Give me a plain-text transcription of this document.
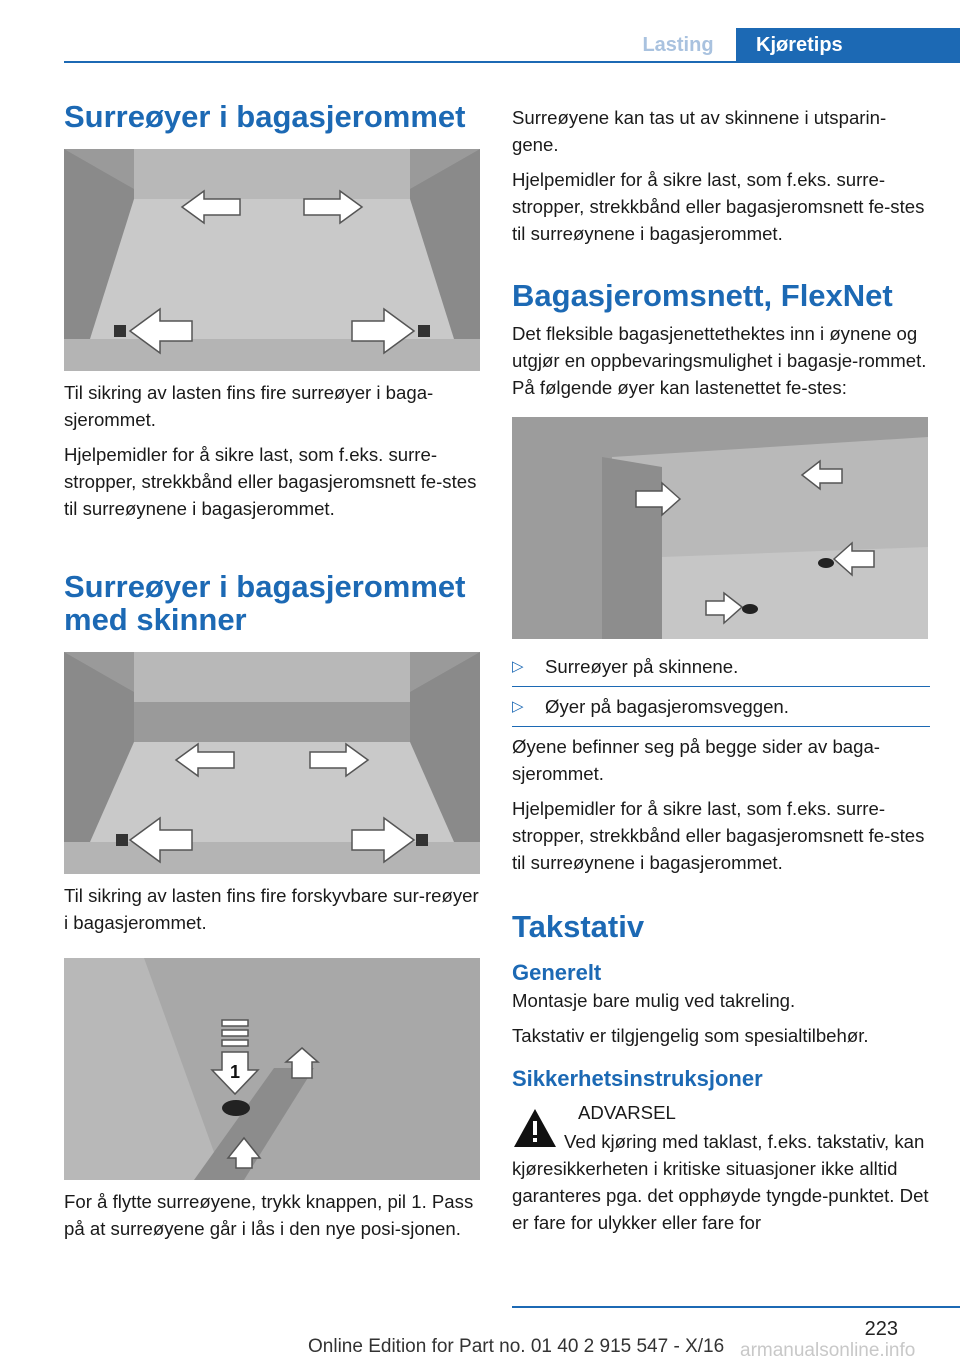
Lasting	Kjøretips
Surreøyer i bagasjerommet

Til sikring av lasten fins fire surreøyer i baga-sjerommet.

Hjelpemidler for å sikre last, som f.eks. surre-stropper, strekkbånd eller bagasjeromsnett fe-stes til surreøynene i bagasjerommet.

Surreøyer i bagasjerommet med skinner

Til sikring av lasten fins fire forskyvbare sur-reøyer i bagasjerommet.

1

For å flytte surreøyene, trykk knappen, pil 1. Pass på at surreøyene går i lås i den nye posi-sjonen.

Surreøyene kan tas ut av skinnene i utsparin-gene.

Hjelpemidler for å sikre last, som f.eks. surre-stropper, strekkbånd eller bagasjeromsnett fe-stes til surreøynene i bagasjerommet.

Bagasjeromsnett, FlexNet

Det fleksible bagasjenettethektes inn i øynene og utgjør en oppbevaringsmulighet i bagasje-rommet. På følgende øyer kan lastenettet fe-stes:

▷	Surreøyer på skinnene.
▷	Øyer på bagasjeromsveggen.

Øyene befinner seg på begge sider av baga-sjerommet.

Hjelpemidler for å sikre last, som f.eks. surre-stropper, strekkbånd eller bagasjeromsnett fe-stes til surreøynene i bagasjerommet.

Takstativ
Generelt

Montasje bare mulig ved takreling.

Takstativ er tilgjengelig som spesialtilbehør.

Sikkerhetsinstruksjoner

ADVARSEL

Ved kjøring med taklast, f.eks. takstativ, kan kjøresikkerheten i kritiske situasjoner ikke alltid garanteres pga. det opphøyde tyngde-punktet. Det er fare for ulykker eller fare for

223
Online Edition for Part no. 01 40 2 915 547 - X/16 armanualsonline.info
